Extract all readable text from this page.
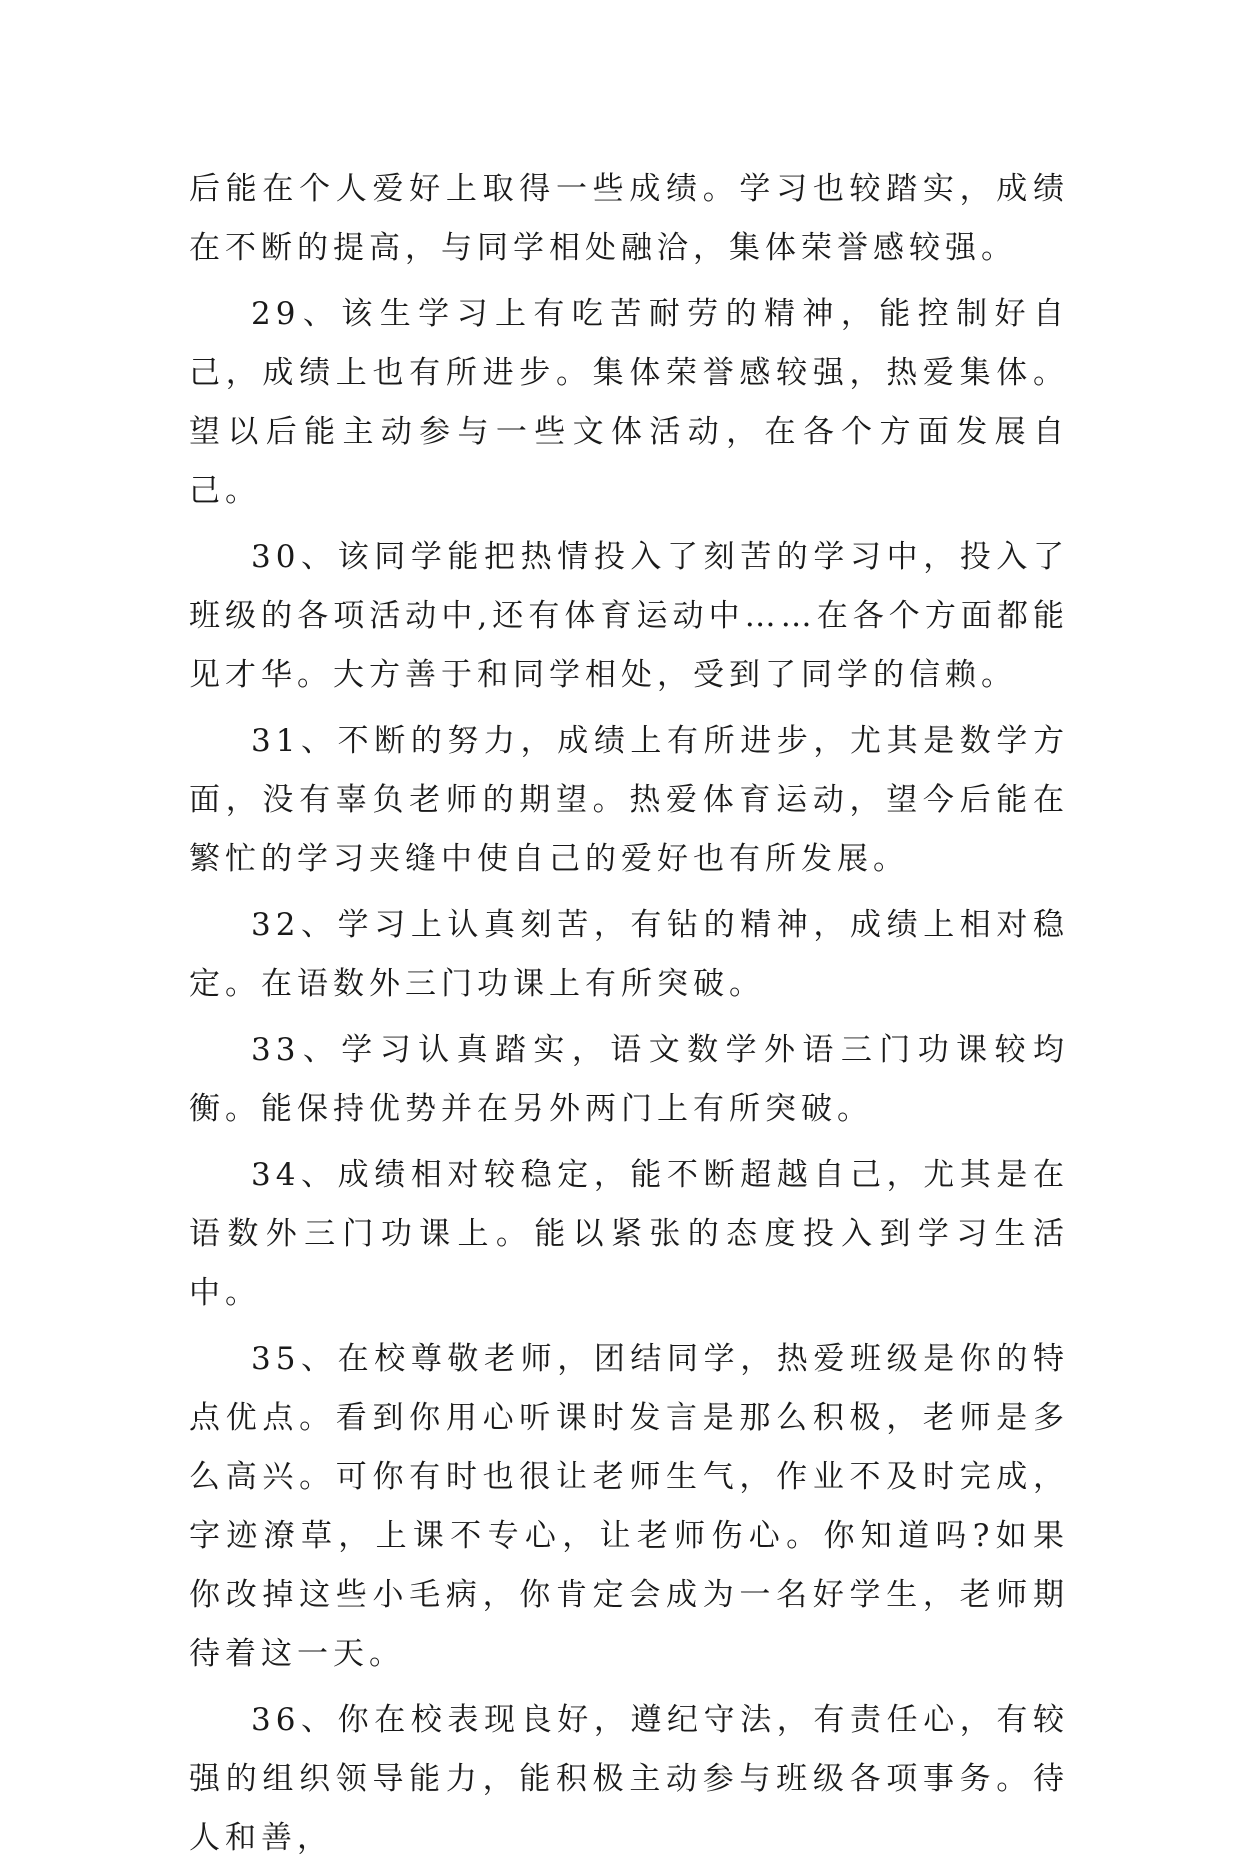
后能在个人爱好上取得一些成绩。学习也较踏实，成绩在不断的提高，与同学相处融洽，集体荣誉感较强。

29、该生学习上有吃苦耐劳的精神，能控制好自己，成绩上也有所进步。集体荣誉感较强，热爱集体。望以后能主动参与一些文体活动，在各个方面发展自己。

30、该同学能把热情投入了刻苦的学习中，投入了班级的各项活动中,还有体育运动中……在各个方面都能见才华。大方善于和同学相处，受到了同学的信赖。

31、不断的努力，成绩上有所进步，尤其是数学方面，没有辜负老师的期望。热爱体育运动，望今后能在繁忙的学习夹缝中使自己的爱好也有所发展。

32、学习上认真刻苦，有钻的精神，成绩上相对稳定。在语数外三门功课上有所突破。

33、学习认真踏实，语文数学外语三门功课较均衡。能保持优势并在另外两门上有所突破。

34、成绩相对较稳定，能不断超越自己，尤其是在语数外三门功课上。能以紧张的态度投入到学习生活中。

35、在校尊敬老师，团结同学，热爱班级是你的特点优点。看到你用心听课时发言是那么积极，老师是多么高兴。可你有时也很让老师生气，作业不及时完成，字迹潦草，上课不专心，让老师伤心。你知道吗?如果你改掉这些小毛病，你肯定会成为一名好学生，老师期待着这一天。

36、你在校表现良好，遵纪守法，有责任心，有较强的组织领导能力，能积极主动参与班级各项事务。待人和善，
